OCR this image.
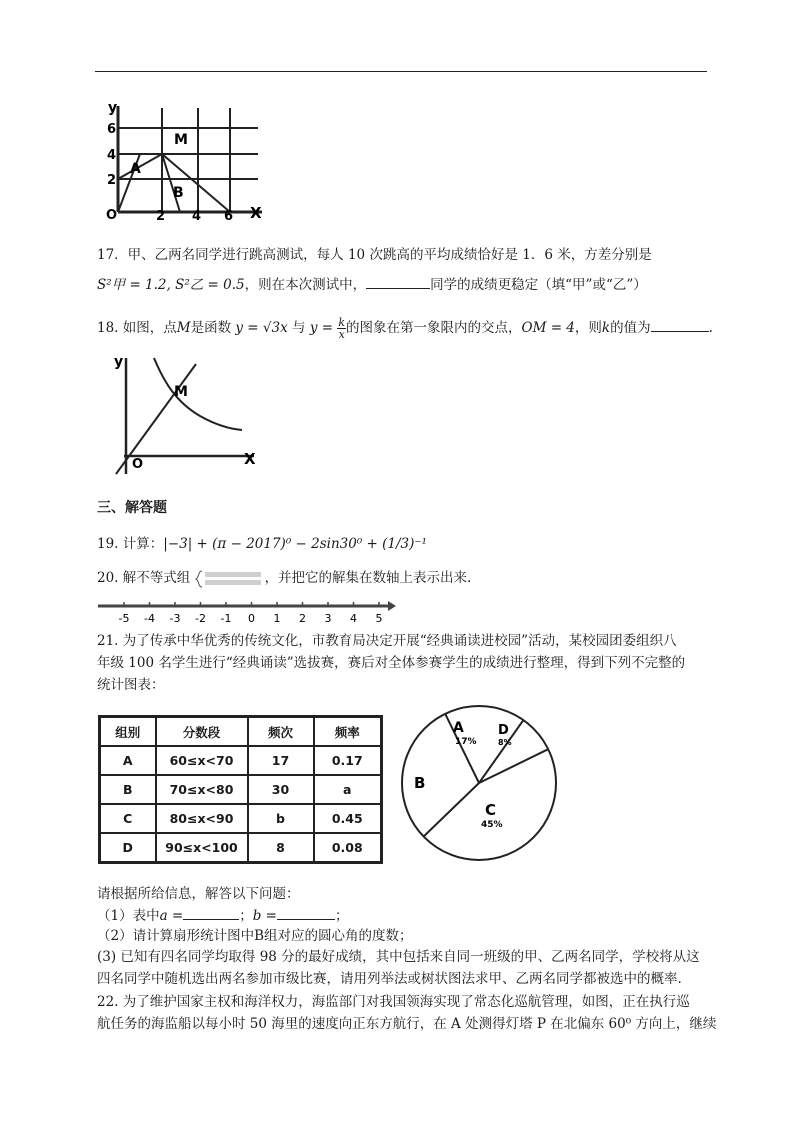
y
X
O
6
4
2
2 4 6
M
A
B
17．甲、乙两名同学进行跳高测试，每人 10 次跳高的平均成绩恰好是 1．6 米，方差分别是
S²甲 = 1.2, S²乙 = 0.5，则在本次测试中，	同学的成绩更稳定（填“甲”或“乙”）
18. 如图，点M是函数 y = √3x 与 $y = \frac{k}{x}$ 的图象在第一象限内的交点，OM = 4，则k的值为	.
y
X
O
M
三、解答题
19. 计算：|−3| + (π − 2017)⁰ − 2sin30⁰ + (1/3)⁻¹
20. 解不等式组	，并把它的解集在数轴上表示出来.
-5 -4 -3 -2 -1 0 1 2 3 4 5
21. 为了传承中华优秀的传统文化，市教育局决定开展“经典诵读进校园”活动，某校园团委组织八
年级 100 名学生进行“经典诵读”选拔赛，赛后对全体参赛学生的成绩进行整理，得到下列不完整的
统计图表：
组别	分数段	频次	频率
A	60≤x<70	17	0.17
B	70≤x<80	30	a
C	80≤x<90	b	0.45
D	90≤x<100	8	0.08
A
17%
D
8%
B
C
45%
请根据所给信息，解答以下问题：
（1）表中a =	；b =	；
（2）请计算扇形统计图中B组对应的圆心角的度数；
(3) 已知有四名同学均取得 98 分的最好成绩，其中包括来自同一班级的甲、乙两名同学，学校将从这
四名同学中随机选出两名参加市级比赛，请用列举法或树状图法求甲、乙两名同学都被选中的概率.
22. 为了维护国家主权和海洋权力，海监部门对我国领海实现了常态化巡航管理，如图，正在执行巡
航任务的海监船以每小时 50 海里的速度向正东方航行，在 A 处测得灯塔 P 在北偏东 60⁰ 方向上，继续
